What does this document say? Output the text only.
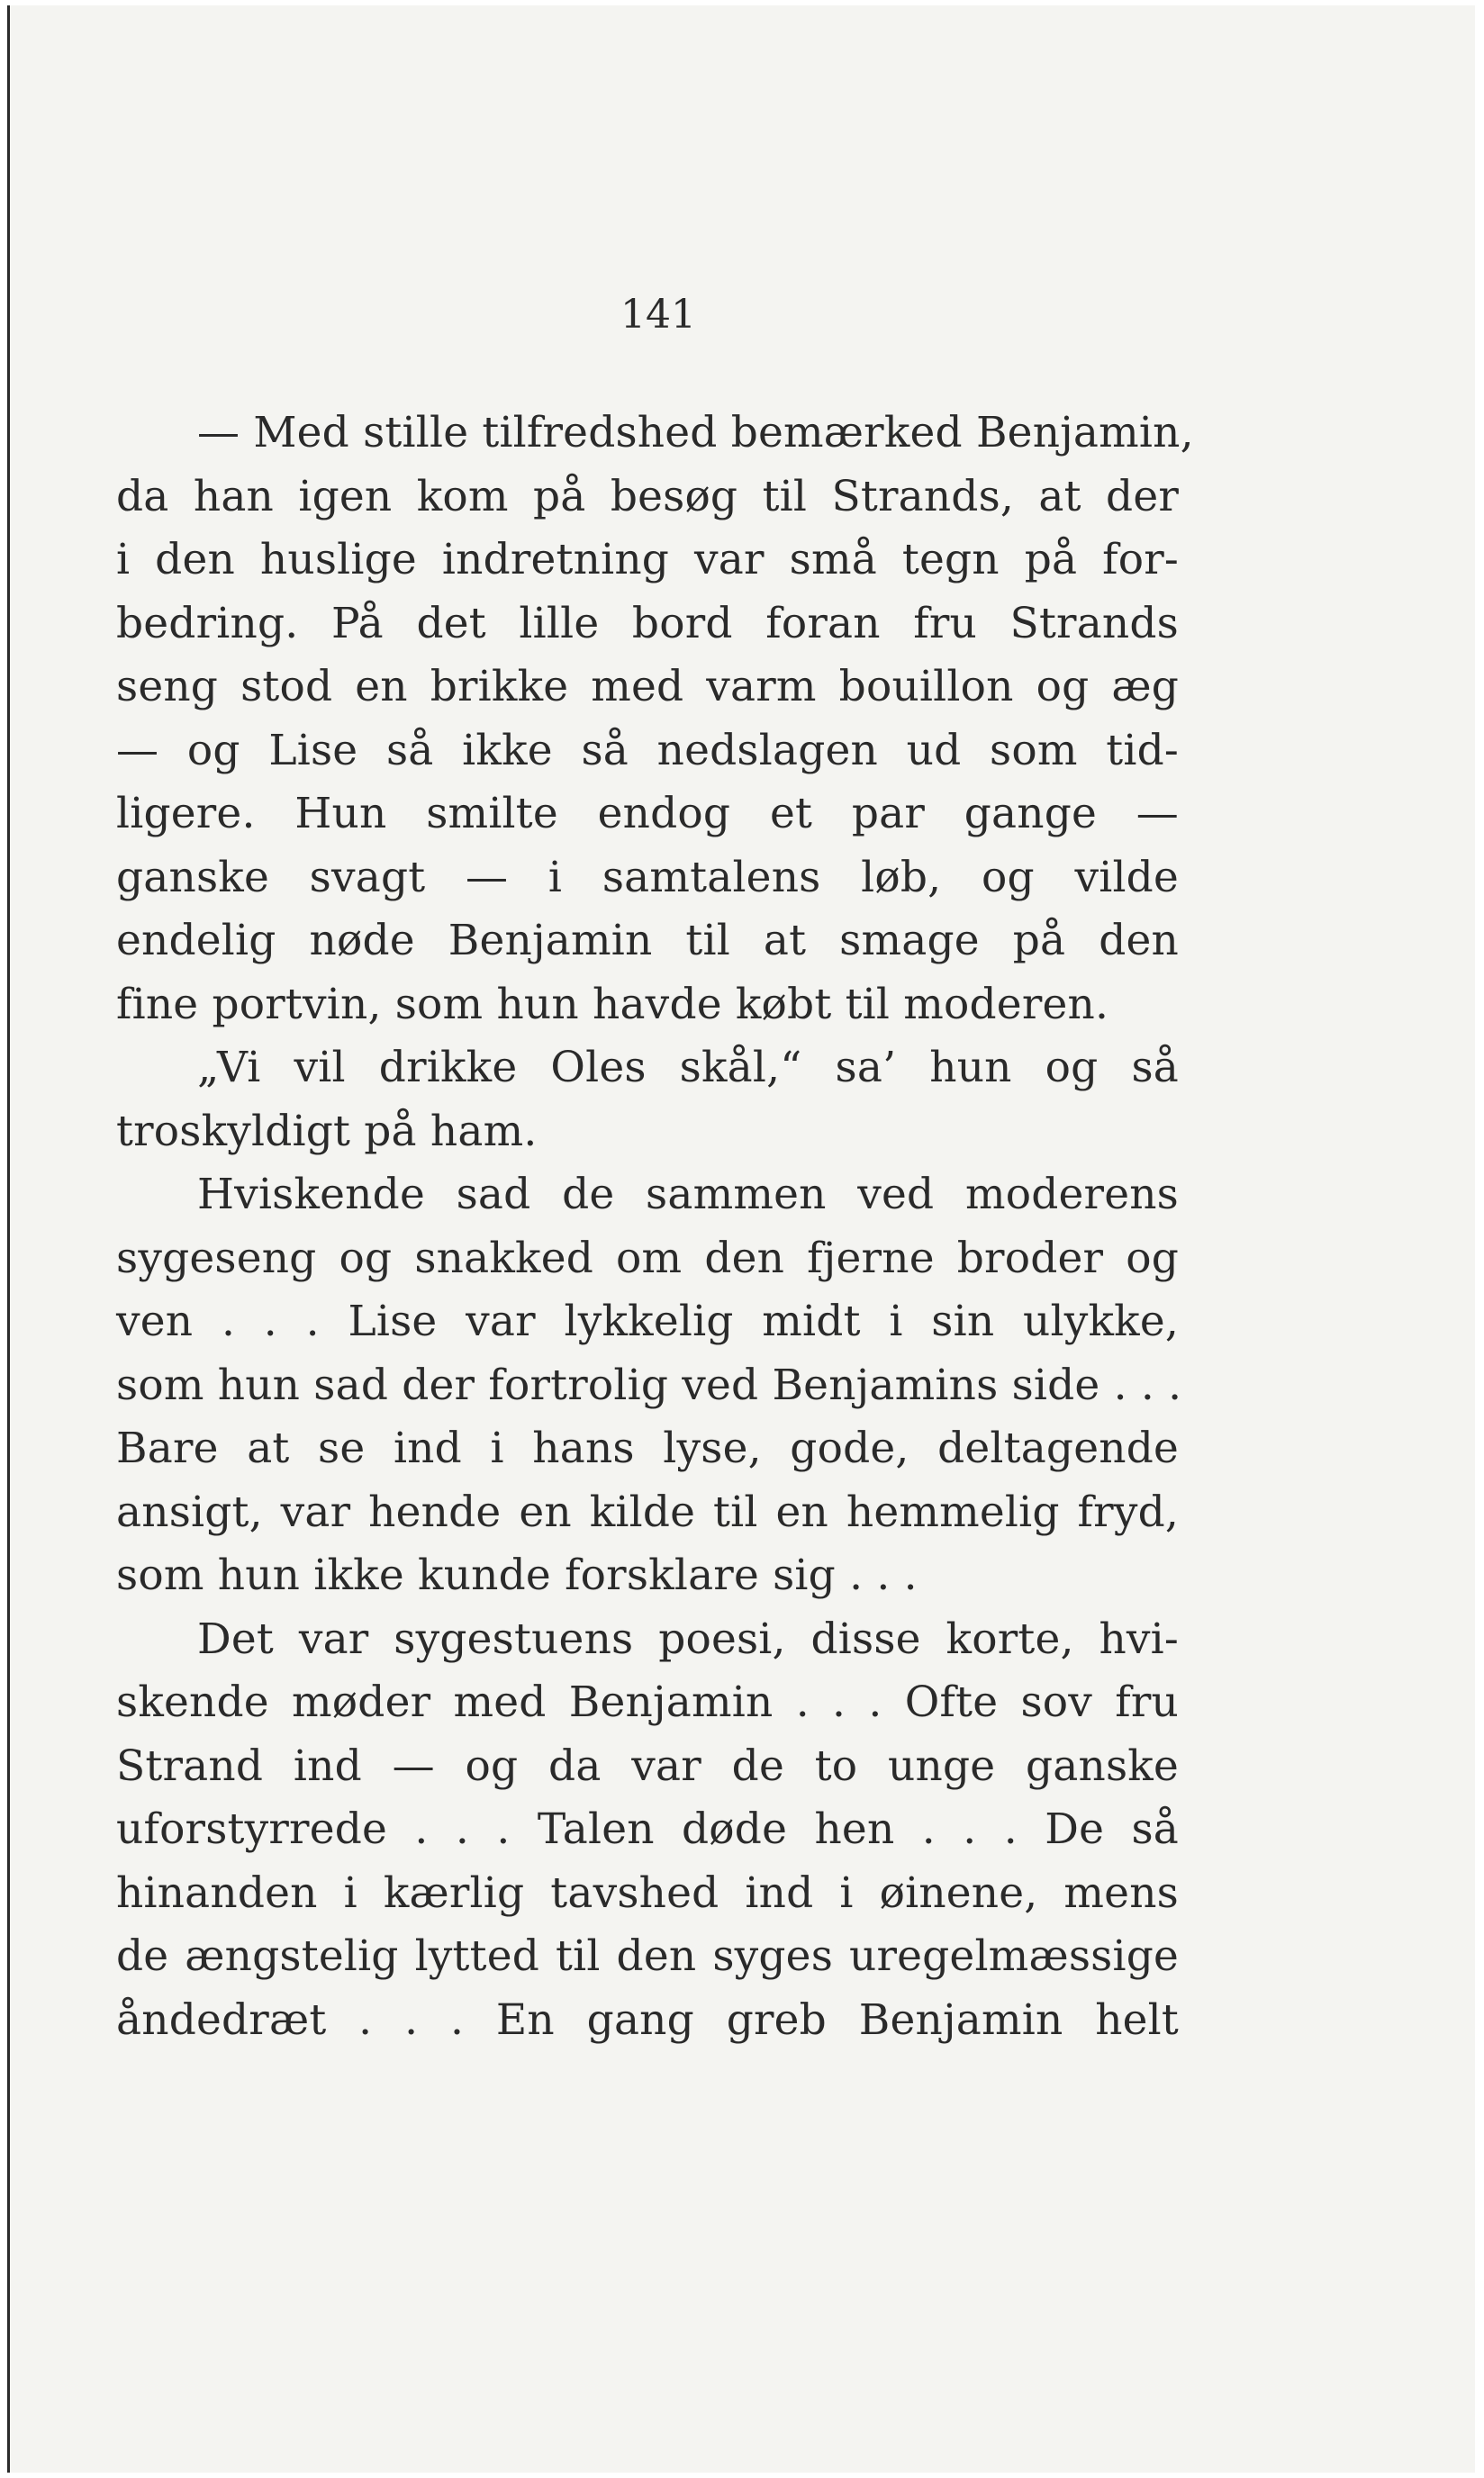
141
— Med stille tilfredshed bemærked Benjamin,
da han igen kom på besøg til Strands, at der
i den huslige indretning var små tegn på for-
bedring. På det lille bord foran fru Strands
seng stod en brikke med varm bouillon og æg
— og Lise så ikke så nedslagen ud som tid-
ligere. Hun smilte endog et par gange —
ganske svagt — i samtalens løb, og vilde
endelig nøde Benjamin til at smage på den
fine portvin, som hun havde købt til moderen.
„Vi vil drikke Oles skål,“ sa’ hun og så
troskyldigt på ham.
Hviskende sad de sammen ved moderens
sygeseng og snakked om den fjerne broder og
ven . . . Lise var lykkelig midt i sin ulykke,
som hun sad der fortrolig ved Benjamins side . . .
Bare at se ind i hans lyse, gode, deltagende
ansigt, var hende en kilde til en hemmelig fryd,
som hun ikke kunde forsklare sig . . .
Det var sygestuens poesi, disse korte, hvi-
skende møder med Benjamin . . . Ofte sov fru
Strand ind — og da var de to unge ganske
uforstyrrede . . . Talen døde hen . . . De så
hinanden i kærlig tavshed ind i øinene, mens
de ængstelig lytted til den syges uregelmæssige
åndedræt . . . En gang greb Benjamin helt
